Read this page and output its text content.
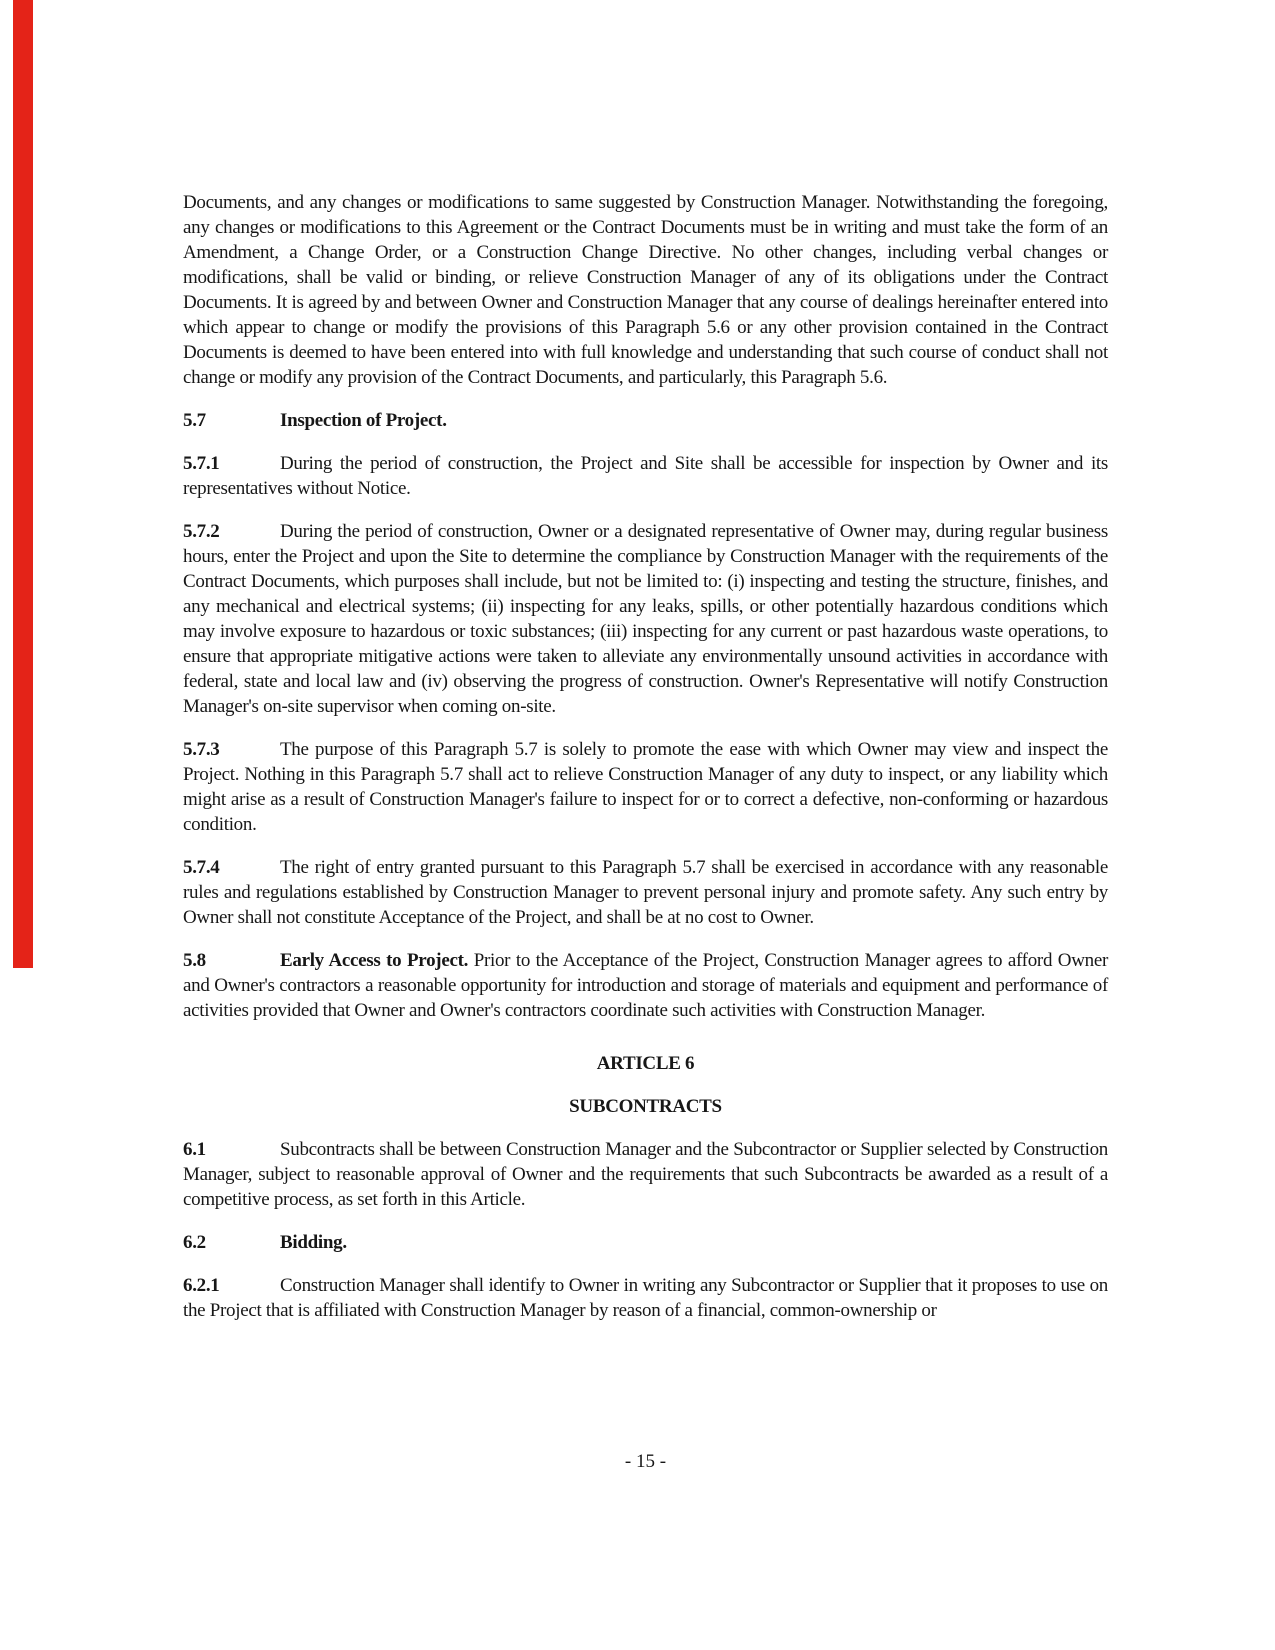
Documents, and any changes or modifications to same suggested by Construction Manager. Notwithstanding the foregoing, any changes or modifications to this Agreement or the Contract Documents must be in writing and must take the form of an Amendment, a Change Order, or a Construction Change Directive. No other changes, including verbal changes or modifications, shall be valid or binding, or relieve Construction Manager of any of its obligations under the Contract Documents. It is agreed by and between Owner and Construction Manager that any course of dealings hereinafter entered into which appear to change or modify the provisions of this Paragraph 5.6 or any other provision contained in the Contract Documents is deemed to have been entered into with full knowledge and understanding that such course of conduct shall not change or modify any provision of the Contract Documents, and particularly, this Paragraph 5.6.

5.7	Inspection of Project.

5.7.1	During the period of construction, the Project and Site shall be accessible for inspection by Owner and its representatives without Notice.

5.7.2	During the period of construction, Owner or a designated representative of Owner may, during regular business hours, enter the Project and upon the Site to determine the compliance by Construction Manager with the requirements of the Contract Documents, which purposes shall include, but not be limited to: (i) inspecting and testing the structure, finishes, and any mechanical and electrical systems; (ii) inspecting for any leaks, spills, or other potentially hazardous conditions which may involve exposure to hazardous or toxic substances; (iii) inspecting for any current or past hazardous waste operations, to ensure that appropriate mitigative actions were taken to alleviate any environmentally unsound activities in accordance with federal, state and local law and (iv) observing the progress of construction. Owner's Representative will notify Construction Manager's on-site supervisor when coming on-site.

5.7.3	The purpose of this Paragraph 5.7 is solely to promote the ease with which Owner may view and inspect the Project. Nothing in this Paragraph 5.7 shall act to relieve Construction Manager of any duty to inspect, or any liability which might arise as a result of Construction Manager's failure to inspect for or to correct a defective, non-conforming or hazardous condition.

5.7.4	The right of entry granted pursuant to this Paragraph 5.7 shall be exercised in accordance with any reasonable rules and regulations established by Construction Manager to prevent personal injury and promote safety. Any such entry by Owner shall not constitute Acceptance of the Project, and shall be at no cost to Owner.

5.8	Early Access to Project. Prior to the Acceptance of the Project, Construction Manager agrees to afford Owner and Owner's contractors a reasonable opportunity for introduction and storage of materials and equipment and performance of activities provided that Owner and Owner's contractors coordinate such activities with Construction Manager.

ARTICLE 6

SUBCONTRACTS

6.1	Subcontracts shall be between Construction Manager and the Subcontractor or Supplier selected by Construction Manager, subject to reasonable approval of Owner and the requirements that such Subcontracts be awarded as a result of a competitive process, as set forth in this Article.

6.2	Bidding.

6.2.1	Construction Manager shall identify to Owner in writing any Subcontractor or Supplier that it proposes to use on the Project that is affiliated with Construction Manager by reason of a financial, common-ownership or

- 15 -
